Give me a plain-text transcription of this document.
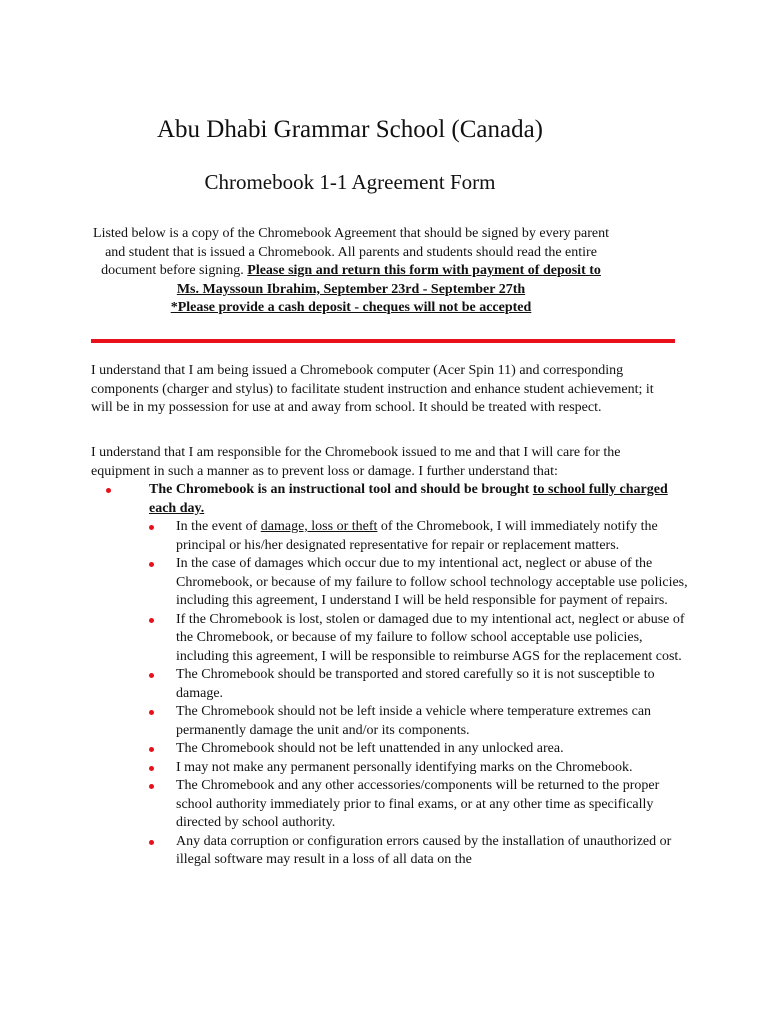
Abu Dhabi Grammar School (Canada)
Chromebook 1-1 Agreement Form

Listed below is a copy of the Chromebook Agreement that should be signed by every parent and student that is issued a Chromebook. All parents and students should read the entire document before signing. Please sign and return this form with payment of deposit to Ms. Mayssoun Ibrahim, September 23rd - September 27th
*Please provide a cash deposit - cheques will not be accepted

I understand that I am being issued a Chromebook computer (Acer Spin 11) and corresponding components (charger and stylus) to facilitate student instruction and enhance student achievement; it will be in my possession for use at and away from school. It should be treated with respect.

I understand that I am responsible for the Chromebook issued to me and that I will care for the equipment in such a manner as to prevent loss or damage. I further understand that:

The Chromebook is an instructional tool and should be brought to school fully charged each day.
In the event of damage, loss or theft of the Chromebook, I will immediately notify the principal or his/her designated representative for repair or replacement matters.
In the case of damages which occur due to my intentional act, neglect or abuse of the Chromebook, or because of my failure to follow school technology acceptable use policies, including this agreement, I understand I will be held responsible for payment of repairs.
If the Chromebook is lost, stolen or damaged due to my intentional act, neglect or abuse of the Chromebook, or because of my failure to follow school acceptable use policies, including this agreement, I will be responsible to reimburse AGS for the replacement cost.
The Chromebook should be transported and stored carefully so it is not susceptible to damage.
The Chromebook should not be left inside a vehicle where temperature extremes can permanently damage the unit and/or its components.
The Chromebook should not be left unattended in any unlocked area.
I may not make any permanent personally identifying marks on the Chromebook.
The Chromebook and any other accessories/components will be returned to the proper school authority immediately prior to final exams, or at any other time as specifically directed by school authority.
Any data corruption or configuration errors caused by the installation of unauthorized or illegal software may result in a loss of all data on the
